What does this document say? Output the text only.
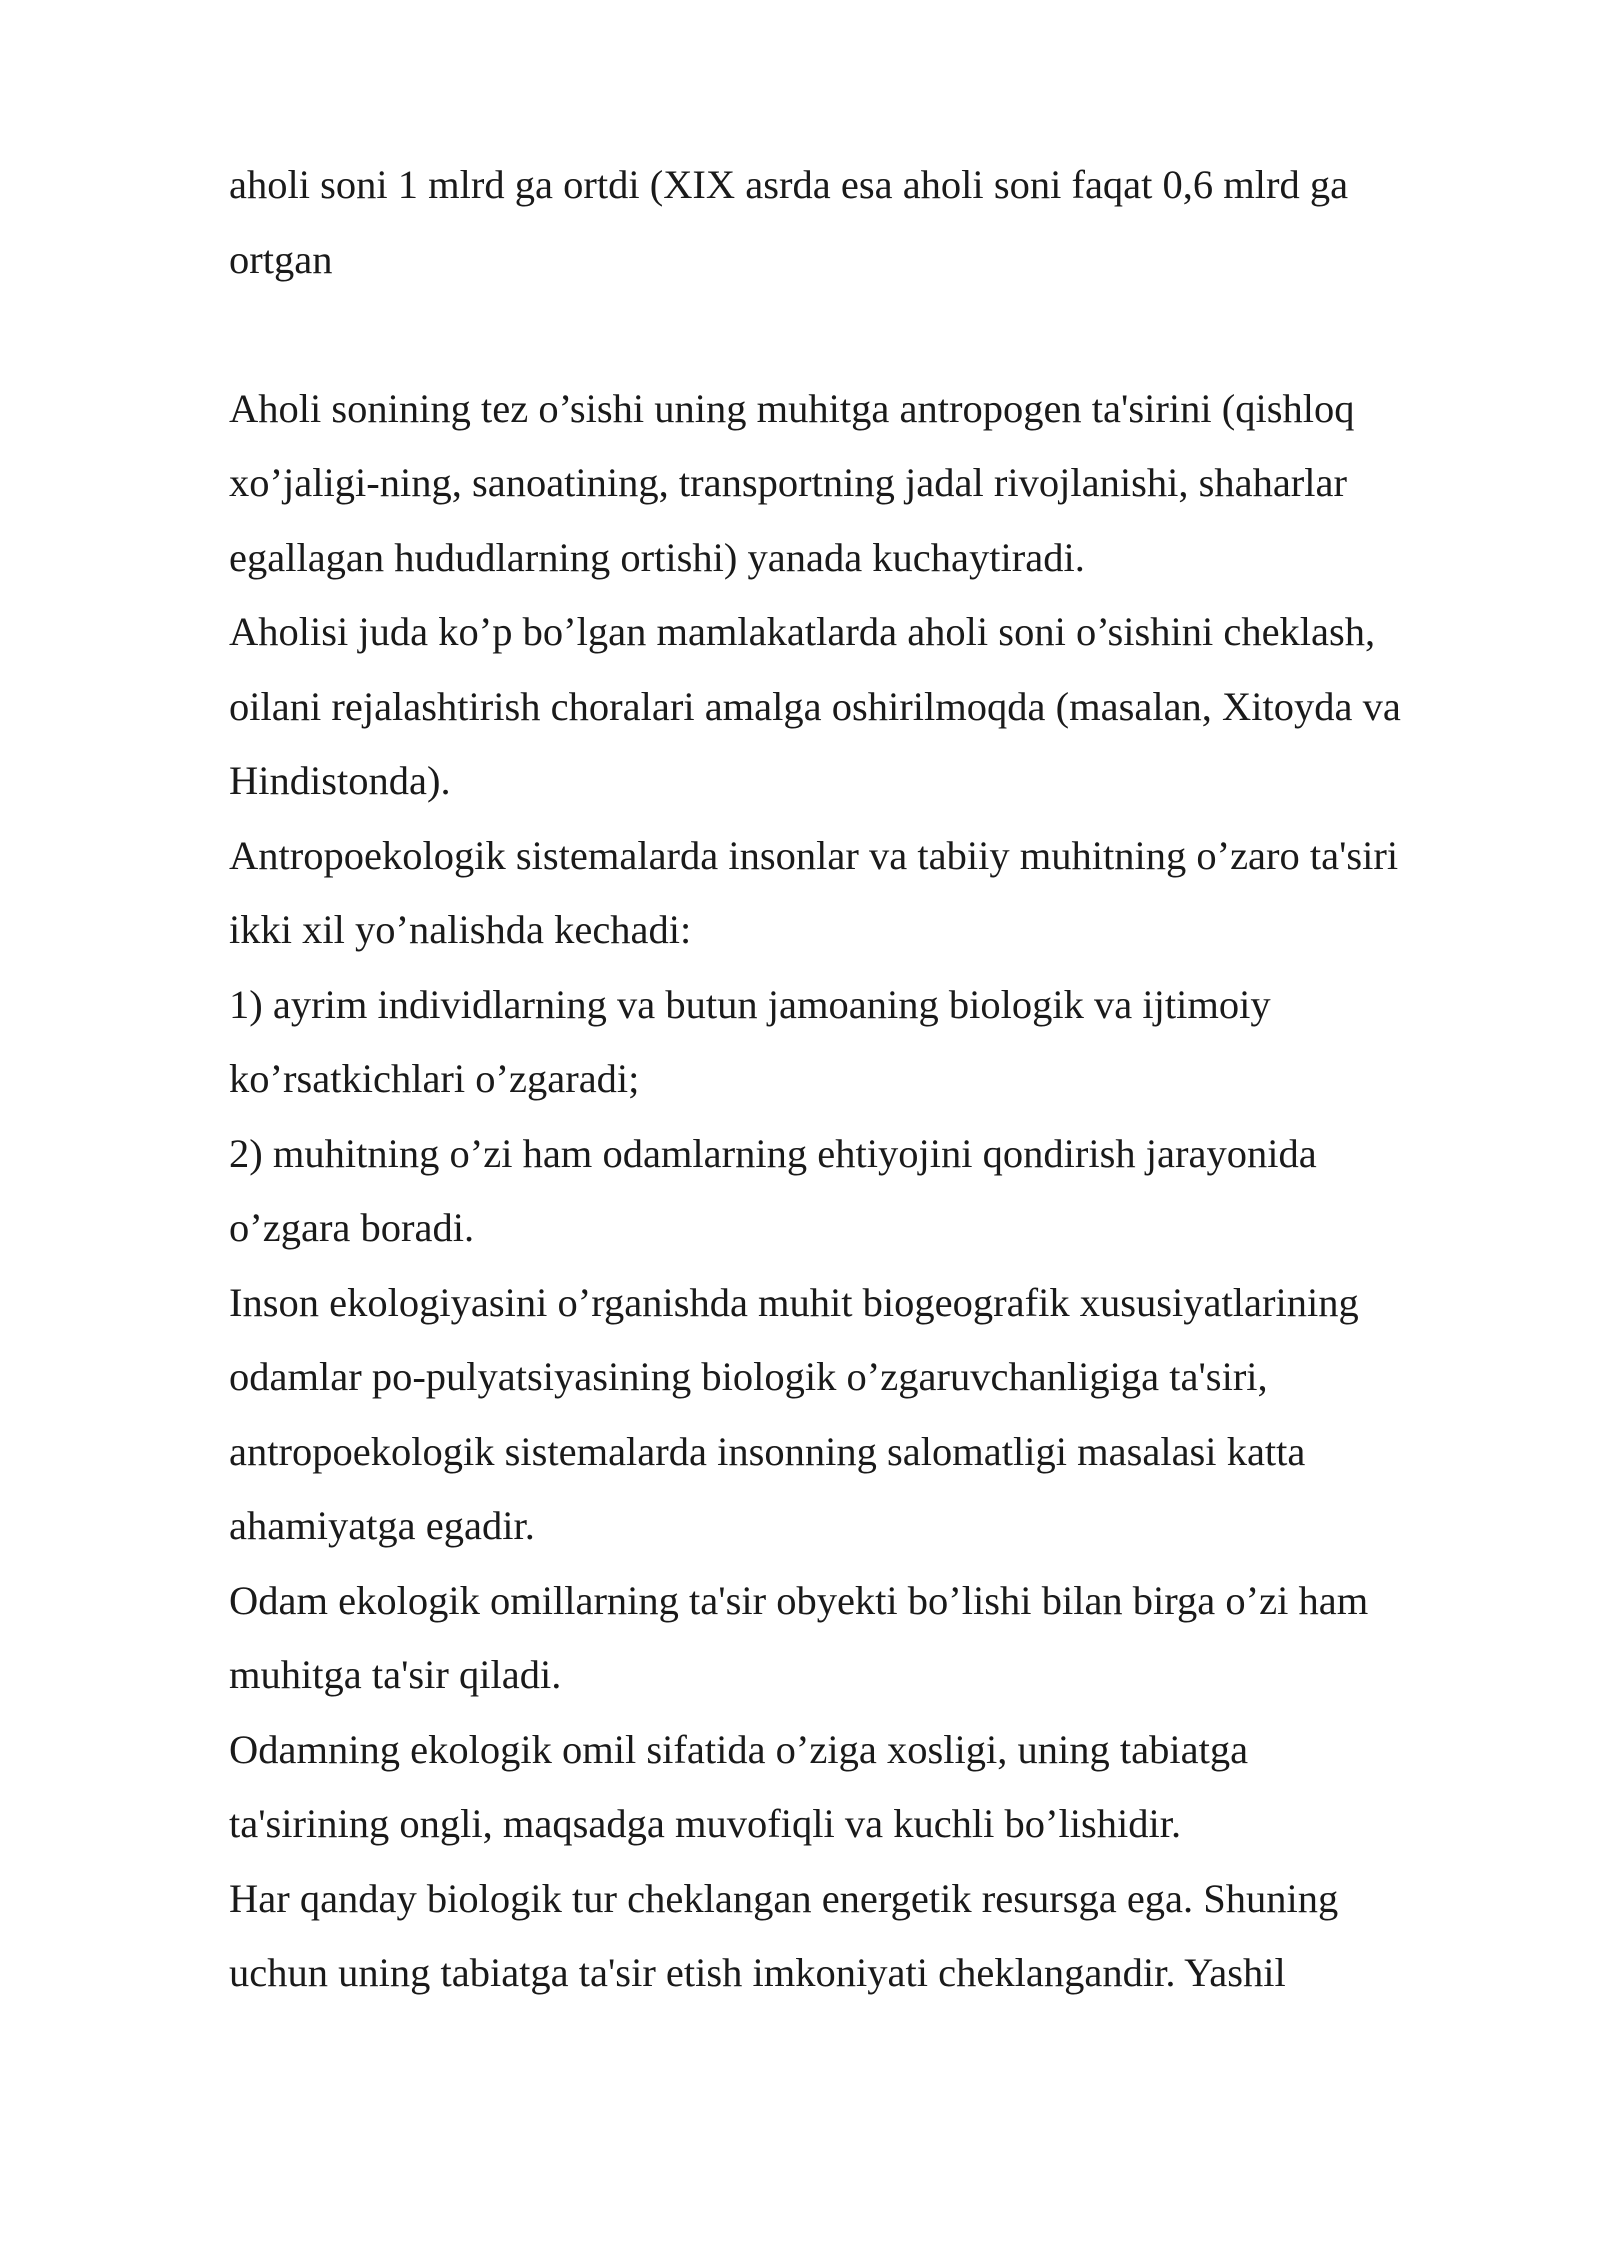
aholi soni 1 mlrd ga ortdi (XIX asrda esa aholi soni faqat 0,6 mlrd ga
ortgan

Aholi sonining tez o’sishi uning muhitga antropogen ta'sirini (qishloq
xo’jaligi-ning, sanoatining, transportning jadal rivojlanishi, shaharlar
egallagan hududlarning ortishi) yanada kuchaytiradi.

Aholisi juda ko’p bo’lgan mamlakatlarda aholi soni o’sishini cheklash,
oilani rejalashtirish choralari amalga oshirilmoqda (masalan, Xitoyda va
Hindistonda).

Antropoekologik sistemalarda insonlar va tabiiy muhitning o’zaro ta'siri
ikki xil yo’nalishda kechadi:

1) ayrim individlarning va butun jamoaning biologik va ijtimoiy
ko’rsatkichlari o’zgaradi;

2) muhitning o’zi ham odamlarning ehtiyojini qondirish jarayonida
o’zgara boradi.

Inson ekologiyasini o’rganishda muhit biogeografik xususiyatlarining
odamlar po-pulyatsiyasining biologik o’zgaruvchanligiga ta'siri,
antropoekologik sistemalarda insonning salomatligi masalasi katta
ahamiyatga egadir.

Odam ekologik omillarning ta'sir obyekti bo’lishi bilan birga o’zi ham
muhitga ta'sir qiladi.

Odamning ekologik omil sifatida o’ziga xosligi, uning tabiatga
ta'sirining ongli, maqsadga muvofiqli va kuchli bo’lishidir.

Har qanday biologik tur cheklangan energetik resursga ega. Shuning
uchun uning tabiatga ta'sir etish imkoniyati cheklangandir. Yashil
